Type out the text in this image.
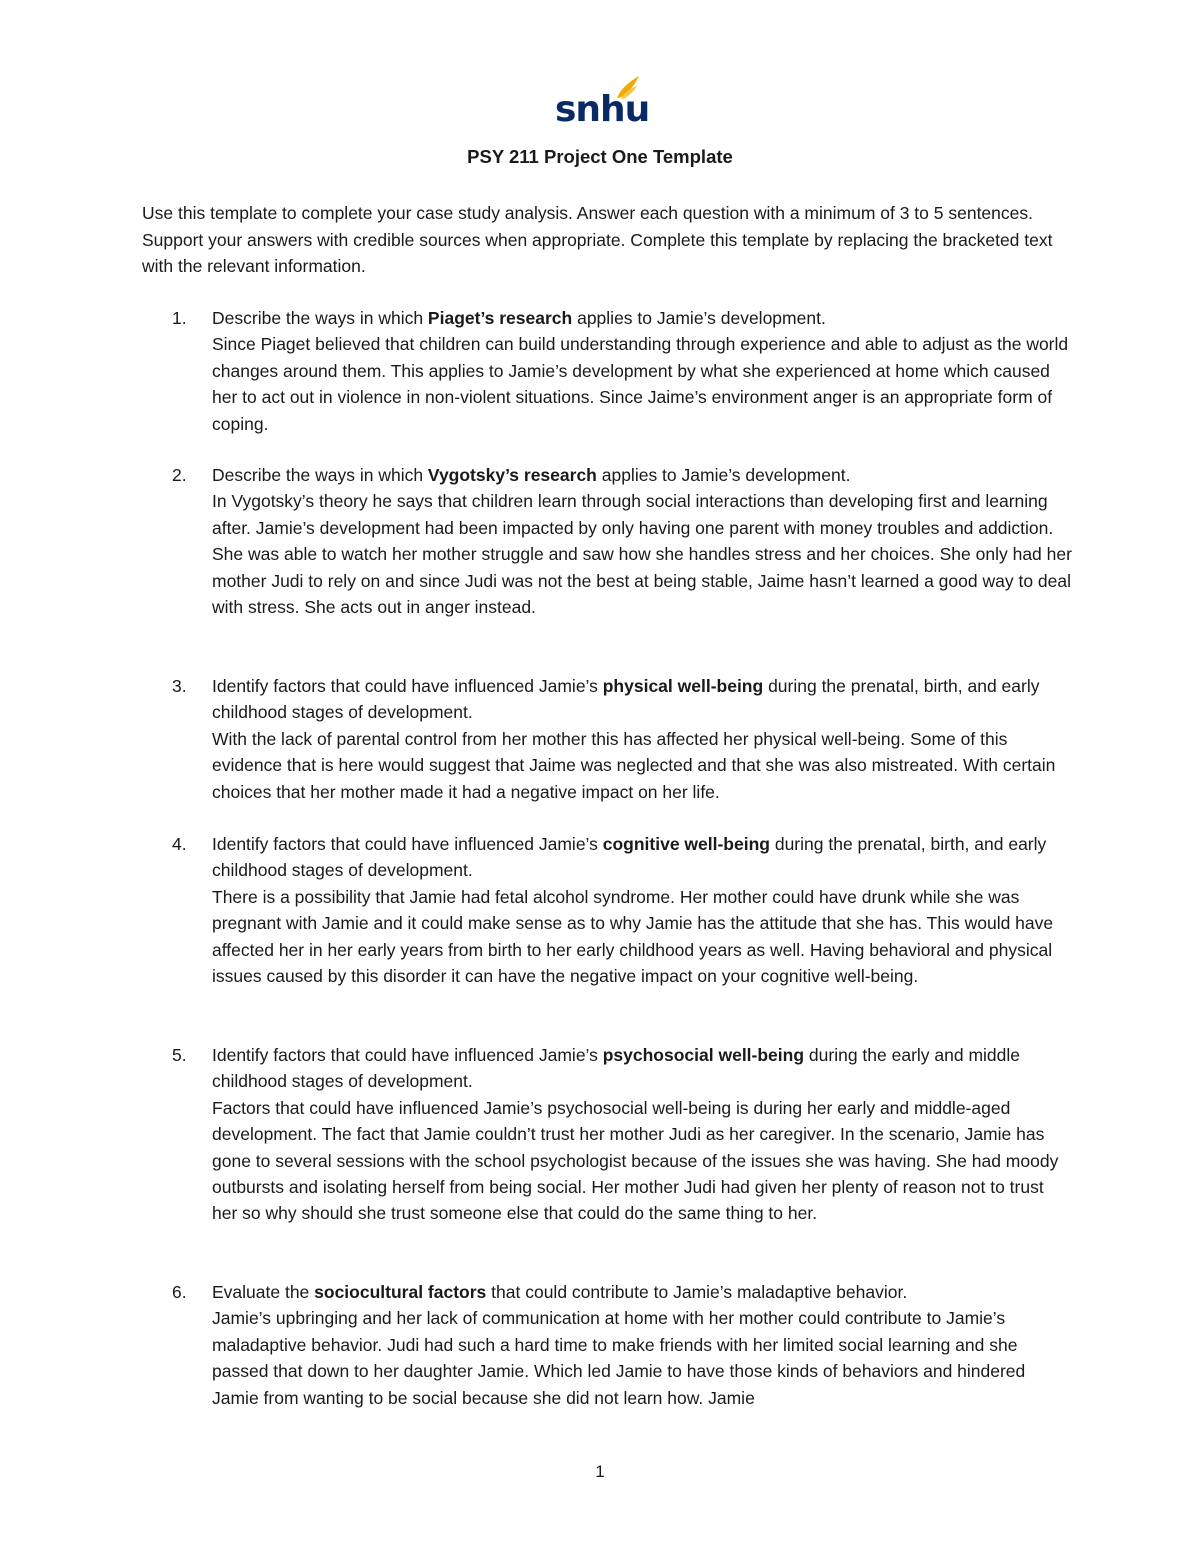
snhu
PSY 211 Project One Template
Use this template to complete your case study analysis. Answer each question with a minimum of 3 to 5 sentences. Support your answers with credible sources when appropriate. Complete this template by replacing the bracketed text with the relevant information.
1.	Describe the ways in which Piaget’s research applies to Jamie’s development.
Since Piaget believed that children can build understanding through experience and able to adjust as the world changes around them. This applies to Jamie’s development by what she experienced at home which caused her to act out in violence in non-violent situations. Since Jaime’s environment anger is an appropriate form of coping.
2.	Describe the ways in which Vygotsky’s research applies to Jamie’s development.
In Vygotsky’s theory he says that children learn through social interactions than developing first and learning after. Jamie’s development had been impacted by only having one parent with money troubles and addiction. She was able to watch her mother struggle and saw how she handles stress and her choices. She only had her mother Judi to rely on and since Judi was not the best at being stable, Jaime hasn’t learned a good way to deal with stress. She acts out in anger instead.
3.	Identify factors that could have influenced Jamie’s physical well-being during the prenatal, birth, and early childhood stages of development.
With the lack of parental control from her mother this has affected her physical well-being. Some of this evidence that is here would suggest that Jaime was neglected and that she was also mistreated. With certain choices that her mother made it had a negative impact on her life.
4.	Identify factors that could have influenced Jamie’s cognitive well-being during the prenatal, birth, and early childhood stages of development.
There is a possibility that Jamie had fetal alcohol syndrome. Her mother could have drunk while she was pregnant with Jamie and it could make sense as to why Jamie has the attitude that she has. This would have affected her in her early years from birth to her early childhood years as well. Having behavioral and physical issues caused by this disorder it can have the negative impact on your cognitive well-being.
5.	Identify factors that could have influenced Jamie’s psychosocial well-being during the early and middle childhood stages of development.
Factors that could have influenced Jamie’s psychosocial well-being is during her early and middle-aged development. The fact that Jamie couldn’t trust her mother Judi as her caregiver. In the scenario, Jamie has gone to several sessions with the school psychologist because of the issues she was having. She had moody outbursts and isolating herself from being social. Her mother Judi had given her plenty of reason not to trust her so why should she trust someone else that could do the same thing to her.
6.	Evaluate the sociocultural factors that could contribute to Jamie’s maladaptive behavior.
Jamie’s upbringing and her lack of communication at home with her mother could contribute to Jamie’s maladaptive behavior. Judi had such a hard time to make friends with her limited social learning and she passed that down to her daughter Jamie. Which led Jamie to have those kinds of behaviors and hindered Jamie from wanting to be social because she did not learn how. Jamie
1
